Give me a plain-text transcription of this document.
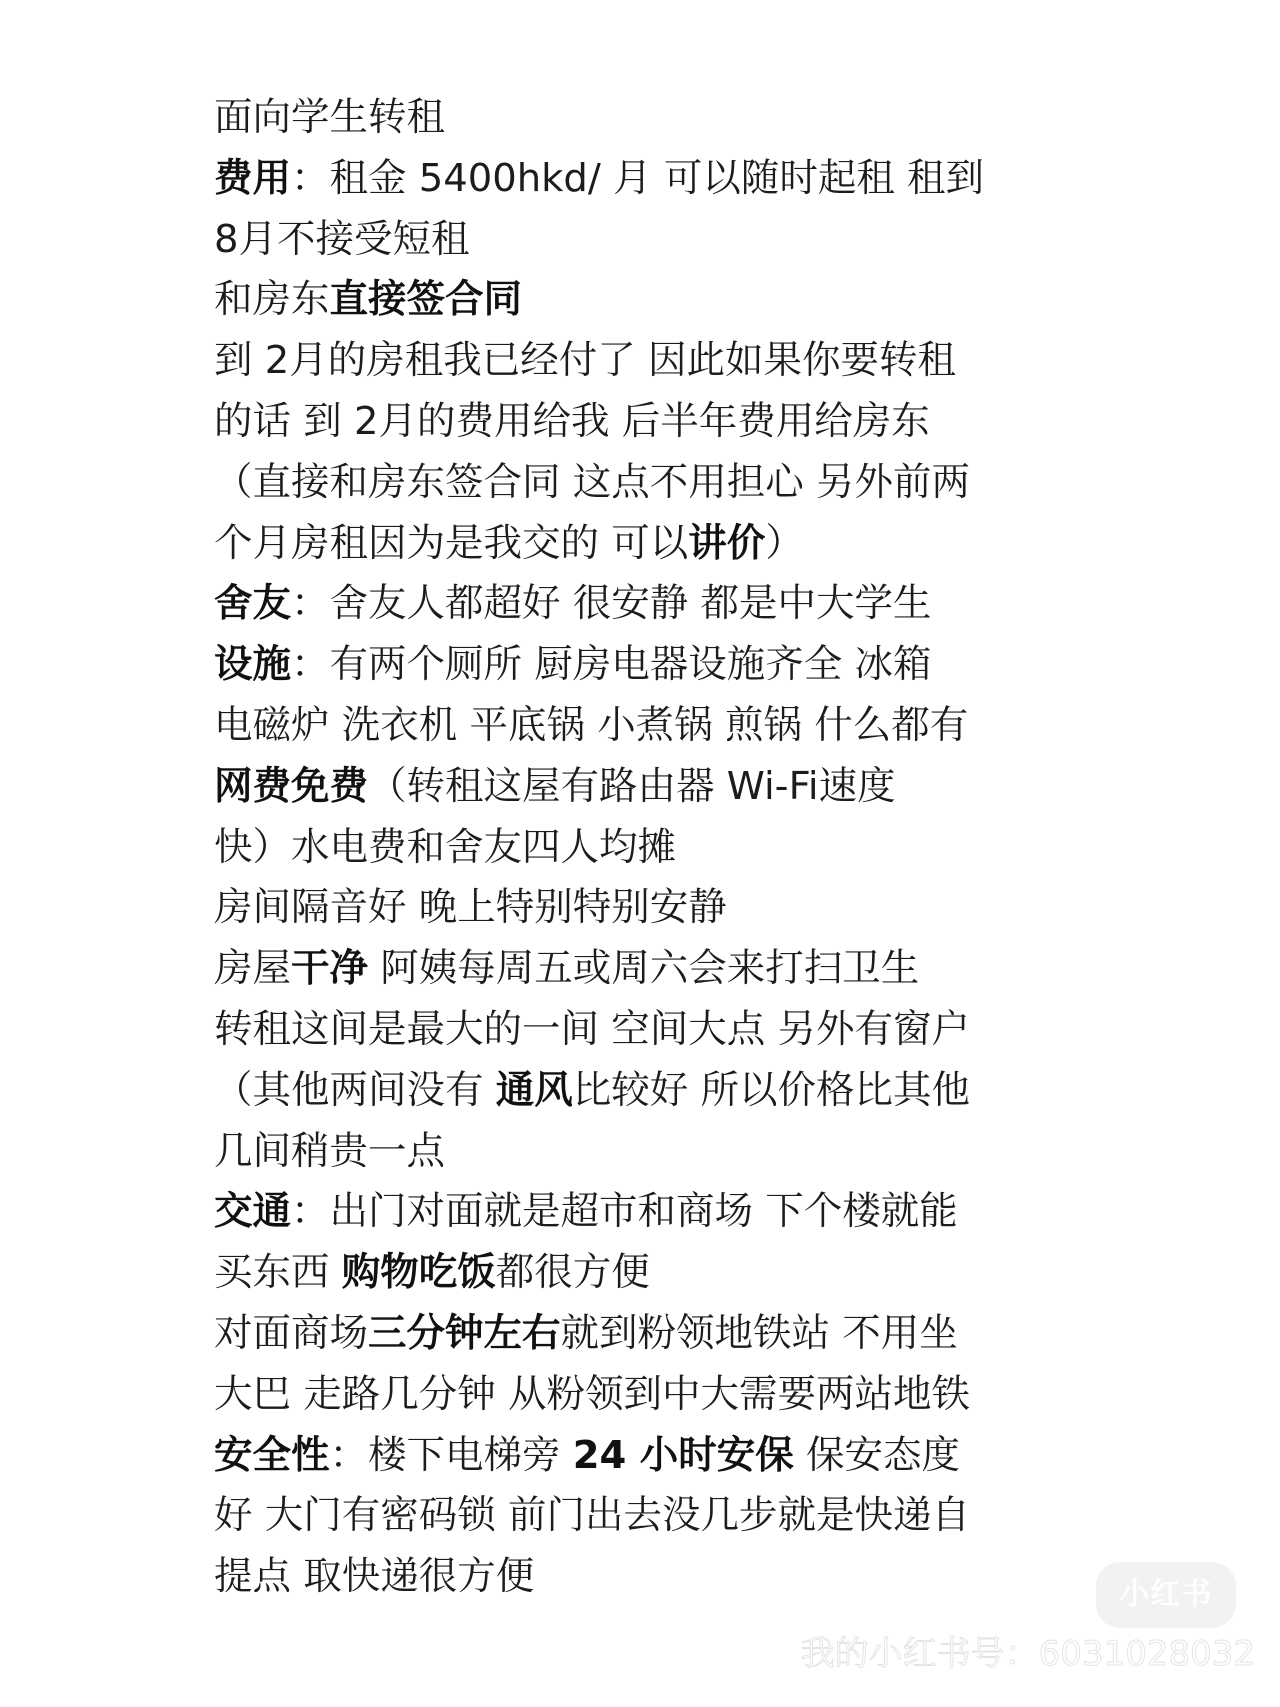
面向学生转租
费用：租金 5400hkd/ 月 可以随时起租 租到
8月不接受短租
和房东直接签合同
到 2月的房租我已经付了 因此如果你要转租
的话 到 2月的费用给我 后半年费用给房东
（直接和房东签合同 这点不用担心 另外前两
个月房租因为是我交的 可以讲价）
舍友：舍友人都超好 很安静 都是中大学生
设施：有两个厕所 厨房电器设施齐全 冰箱
电磁炉 洗衣机 平底锅 小煮锅 煎锅 什么都有
网费免费（转租这屋有路由器 Wi-Fi速度
快）水电费和舍友四人均摊
房间隔音好 晚上特别特别安静
房屋干净 阿姨每周五或周六会来打扫卫生
转租这间是最大的一间 空间大点 另外有窗户
（其他两间没有 通风比较好 所以价格比其他
几间稍贵一点
交通：出门对面就是超市和商场 下个楼就能
买东西 购物吃饭都很方便
对面商场三分钟左右就到粉领地铁站 不用坐
大巴 走路几分钟 从粉领到中大需要两站地铁
安全性：楼下电梯旁 24 小时安保 保安态度
好 大门有密码锁 前门出去没几步就是快递自
提点 取快递很方便	小红书
我的小红书号：6031028032
